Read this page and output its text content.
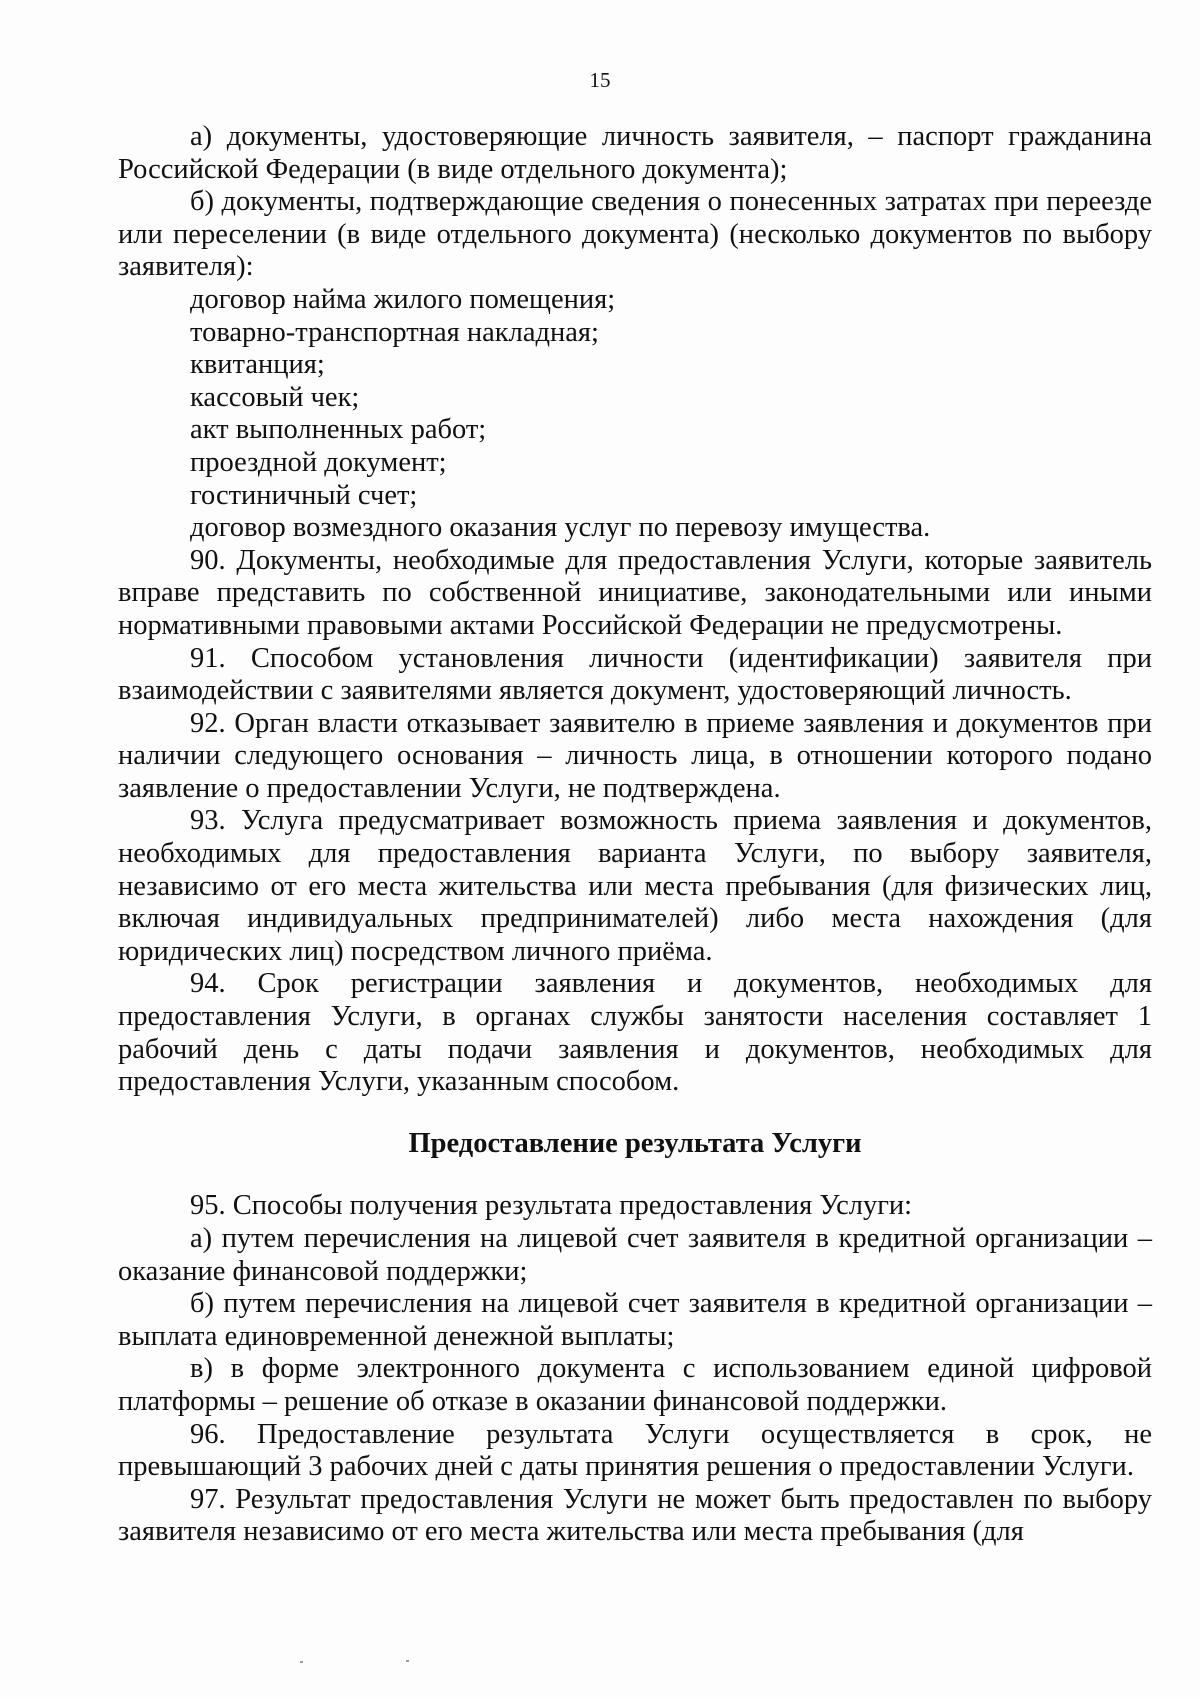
15

а) документы, удостоверяющие личность заявителя, – паспорт гражданина Российской Федерации (в виде отдельного документа);

б) документы, подтверждающие сведения о понесенных затратах при переезде или переселении (в виде отдельного документа) (несколько документов по выбору заявителя):

договор найма жилого помещения;

товарно-транспортная накладная;

квитанция;

кассовый чек;

акт выполненных работ;

проездной документ;

гостиничный счет;

договор возмездного оказания услуг по перевозу имущества.

90. Документы, необходимые для предоставления Услуги, которые заявитель вправе представить по собственной инициативе, законодательными или иными нормативными правовыми актами Российской Федерации не предусмотрены.

91. Способом установления личности (идентификации) заявителя при взаимодействии с заявителями является документ, удостоверяющий личность.

92. Орган власти отказывает заявителю в приеме заявления и документов при наличии следующего основания – личность лица, в отношении которого подано заявление о предоставлении Услуги, не подтверждена.

93. Услуга предусматривает возможность приема заявления и документов, необходимых для предоставления варианта Услуги, по выбору заявителя, независимо от его места жительства или места пребывания (для физических лиц, включая индивидуальных предпринимателей) либо места нахождения (для юридических лиц) посредством личного приёма.

94. Срок регистрации заявления и документов, необходимых для предоставления Услуги, в органах службы занятости населения составляет 1 рабочий день с даты подачи заявления и документов, необходимых для предоставления Услуги, указанным способом.

Предоставление результата Услуги

95. Способы получения результата предоставления Услуги:

а) путем перечисления на лицевой счет заявителя в кредитной организации – оказание финансовой поддержки;

б) путем перечисления на лицевой счет заявителя в кредитной организации – выплата единовременной денежной выплаты;

в) в форме электронного документа с использованием единой цифровой платформы – решение об отказе в оказании финансовой поддержки.

96. Предоставление результата Услуги осуществляется в срок, не превышающий 3 рабочих дней с даты принятия решения о предоставлении Услуги.

97. Результат предоставления Услуги не может быть предоставлен по выбору заявителя независимо от его места жительства или места пребывания (для
